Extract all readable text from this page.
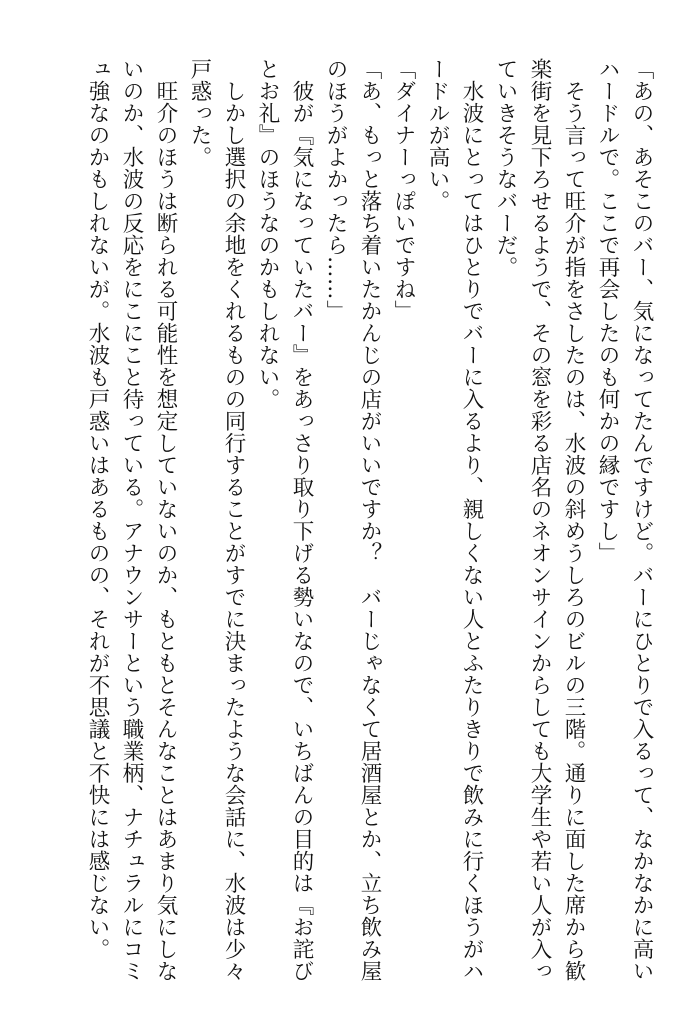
「あの、あそこのバー、気になってたんですけど。バーにひとりで入るって、なかなかに高い

ハードルで。ここで再会したのも何かの縁ですし」

　そう言って旺介が指をさしたのは、水波の斜めうしろのビルの三階。通りに面した席から歓

楽街を見下ろせるようで、その窓を彩る店名のネオンサインからしても大学生や若い人が入っ

ていきそうなバーだ。

　水波にとってはひとりでバーに入るより、親しくない人とふたりきりで飲みに行くほうがハ

ードルが高い。

「ダイナーっぽいですね」

「あ、もっと落ち着いたかんじの店がいいですか？　バーじゃなくて居酒屋とか、立ち飲み屋

のほうがよかったら……」

　彼が『気になっていたバー』をあっさり取り下げる勢いなので、いちばんの目的は『お詫び

とお礼』のほうなのかもしれない。

　しかし選択の余地をくれるものの同行することがすでに決まったような会話に、水波は少々

戸惑った。

　旺介のほうは断られる可能性を想定していないのか、もともとそんなことはあまり気にしな

いのか、水波の反応をにこにこと待っている。アナウンサーという職業柄、ナチュラルにコミ

ュ強なのかもしれないが。水波も戸惑いはあるものの、それが不思議と不快には感じない。
